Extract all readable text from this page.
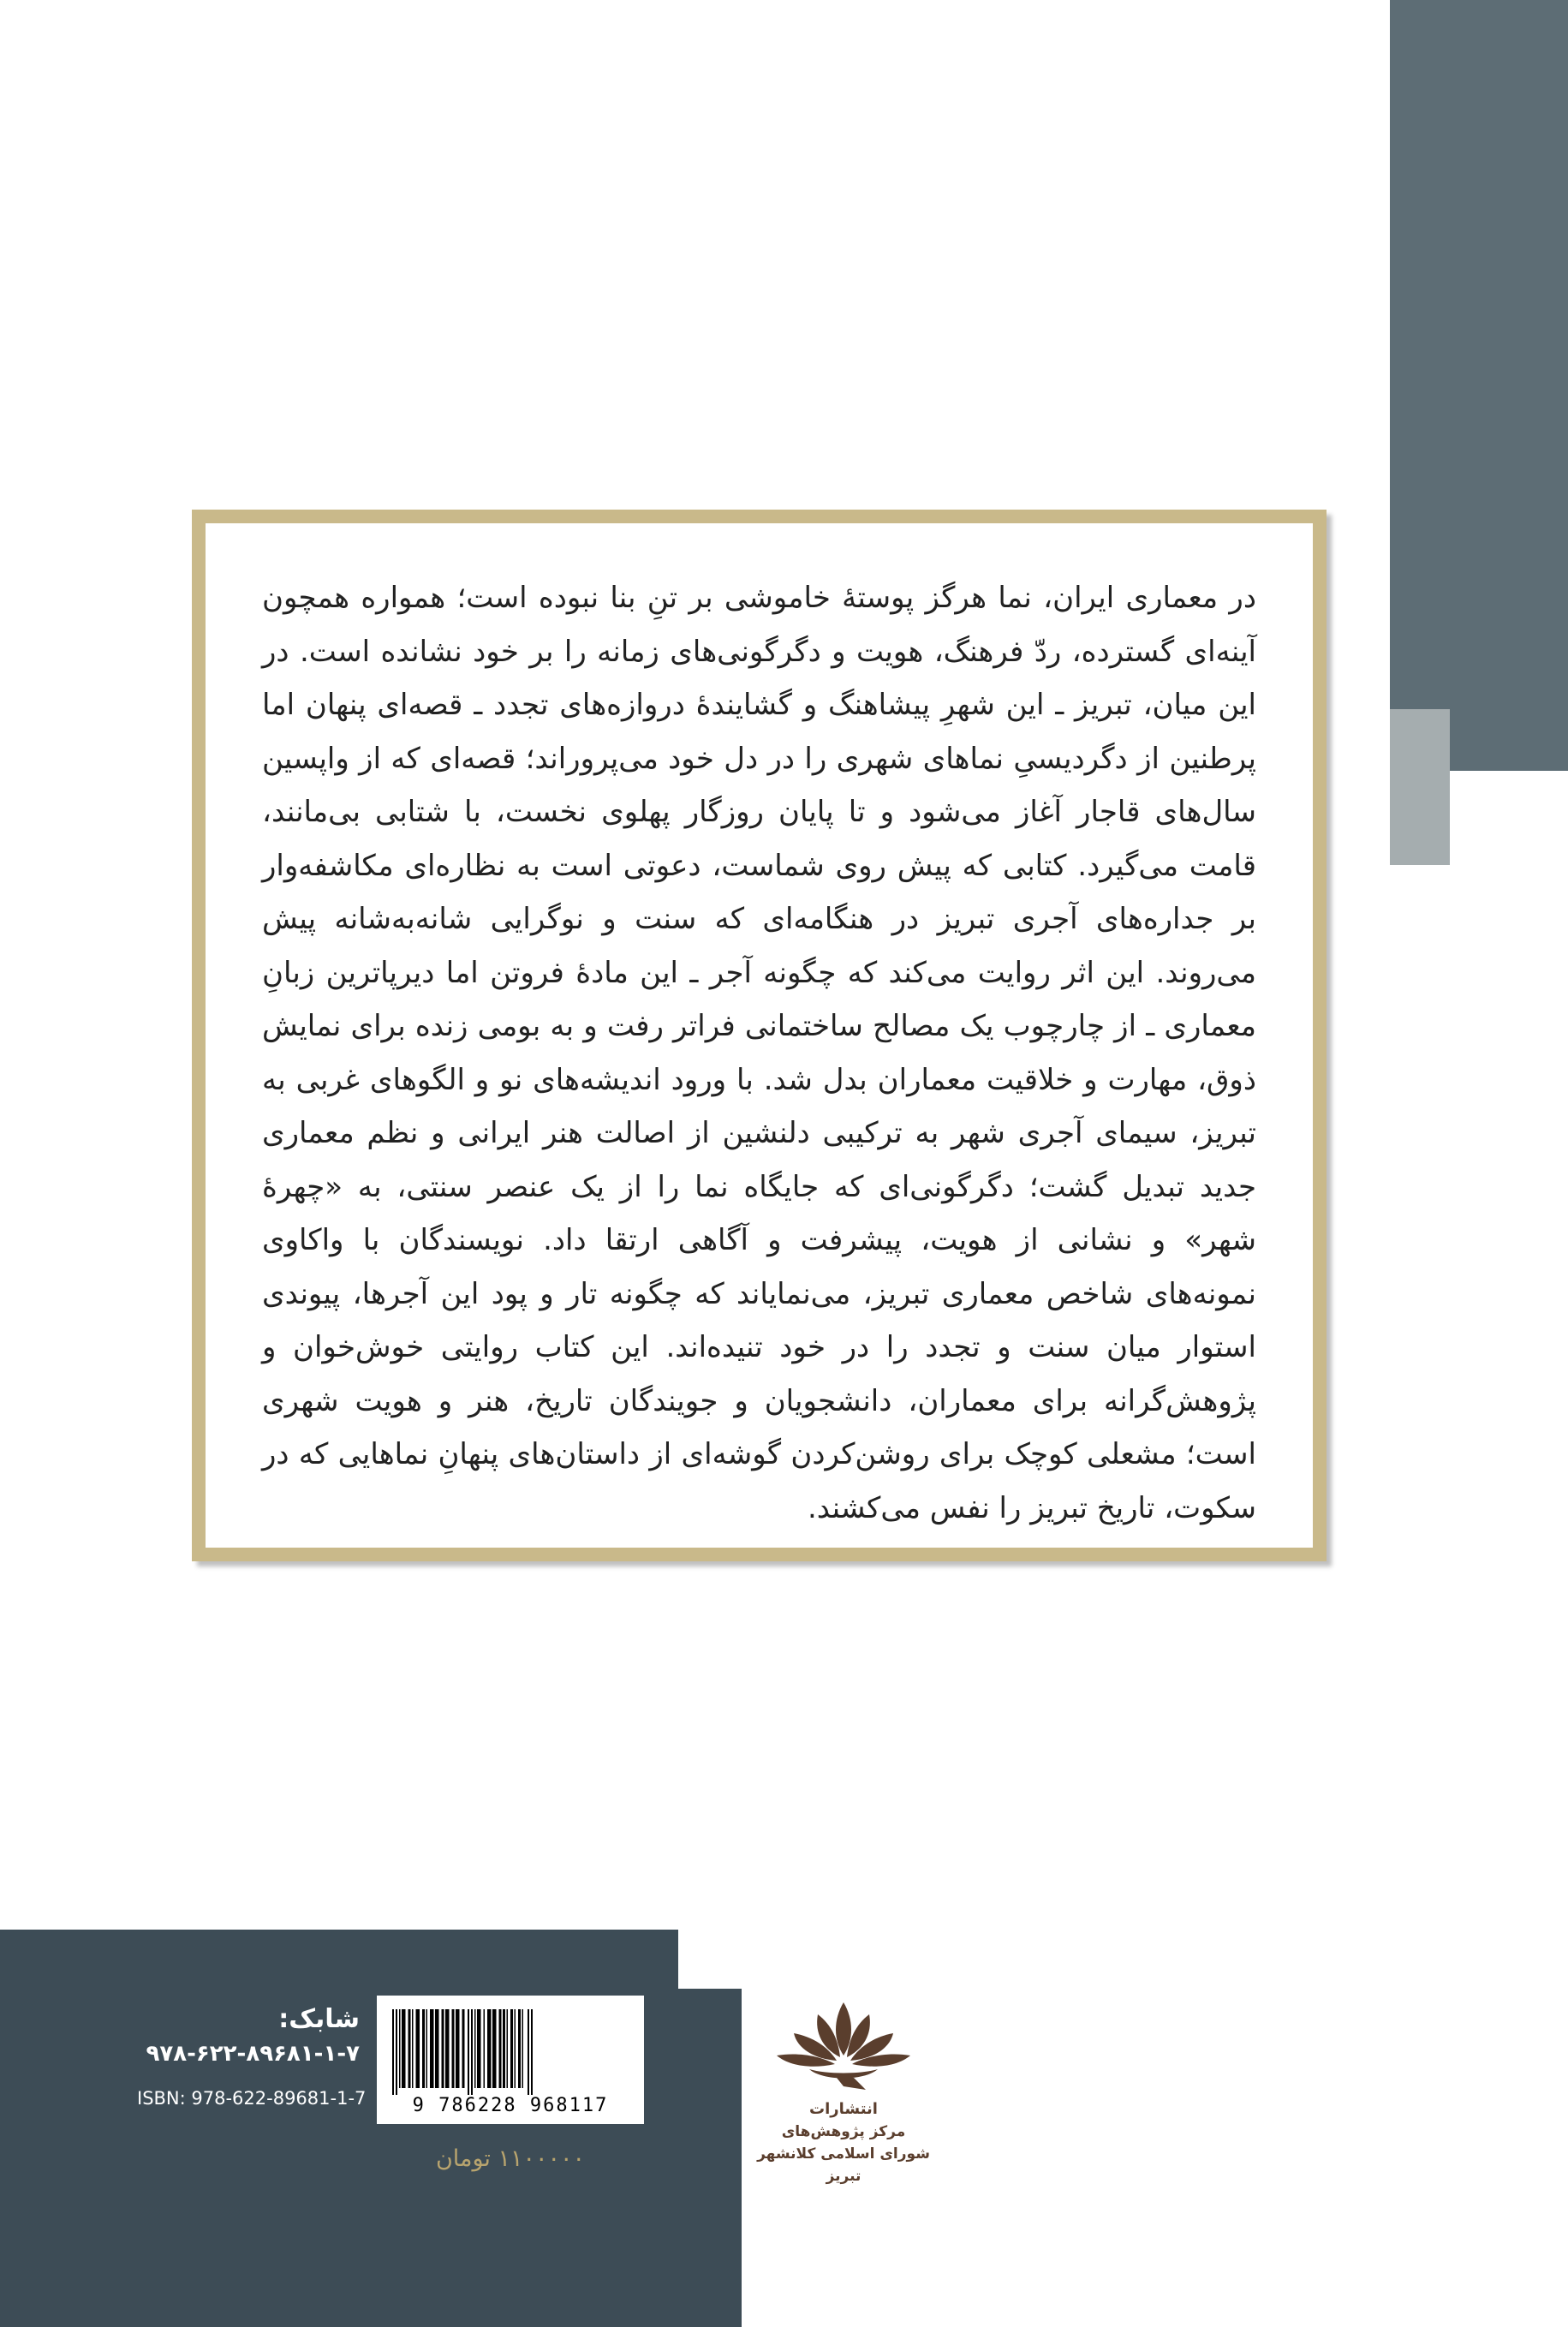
در معماری ایران، نما هرگز پوستهٔ خاموشی بر تنِ بنا نبوده است؛ همواره همچون آینه‌ای گسترده، ردّ فرهنگ، هویت و دگرگونی‌های زمانه را بر خود نشانده است. در این میان، تبریز ـ این شهرِ پیشاهنگ و گشایندهٔ دروازه‌های تجدد ـ قصه‌ای پنهان اما پرطنین از دگردیسیِ نماهای شهری را در دل خود می‌پروراند؛ قصه‌ای که از واپسین سال‌های قاجار آغاز می‌شود و تا پایان روزگار پهلوی نخست، با شتابی بی‌مانند، قامت می‌گیرد. کتابی که پیش روی شماست، دعوتی است به نظاره‌ای مکاشفه‌وار بر جداره‌های آجری تبریز در هنگامه‌ای که سنت و نوگرایی شانه‌به‌شانه پیش می‌روند. این اثر روایت می‌کند که چگونه آجر ـ این مادهٔ فروتن اما دیرپاترین زبانِ معماری ـ از چارچوب یک مصالح ساختمانی فراتر رفت و به بومی زنده برای نمایش ذوق، مهارت و خلاقیت معماران بدل شد. با ورود اندیشه‌های نو و الگوهای غربی به تبریز، سیمای آجری شهر به ترکیبی دلنشین از اصالت هنر ایرانی و نظم معماری جدید تبدیل گشت؛ دگرگونی‌ای که جایگاه نما را از یک عنصر سنتی، به «چهرهٔ شهر» و نشانی از هویت، پیشرفت و آگاهی ارتقا داد. نویسندگان با واکاوی نمونه‌های شاخص معماری تبریز، می‌نمایاند که چگونه تار و پود این آجرها، پیوندی استوار میان سنت و تجدد را در خود تنیده‌اند. این کتاب روایتی خوش‌خوان و پژوهش‌گرانه برای معماران، دانشجویان و جویندگان تاریخ، هنر و هویت شهری است؛ مشعلی کوچک برای روشن‌کردن گوشه‌ای از داستان‌های پنهانِ نماهایی که در سکوت، تاریخ تبریز را نفس می‌کشند.

شابک:
۹۷۸-۶۲۲-۸۹۶۸۱-۱-۷
ISBN: 978-622-89681-1-7	9 786228 968117
۱۱۰۰۰۰۰ تومان
انتشارات
مرکز پژوهش‌های
شورای اسلامی کلانشهر تبریز
